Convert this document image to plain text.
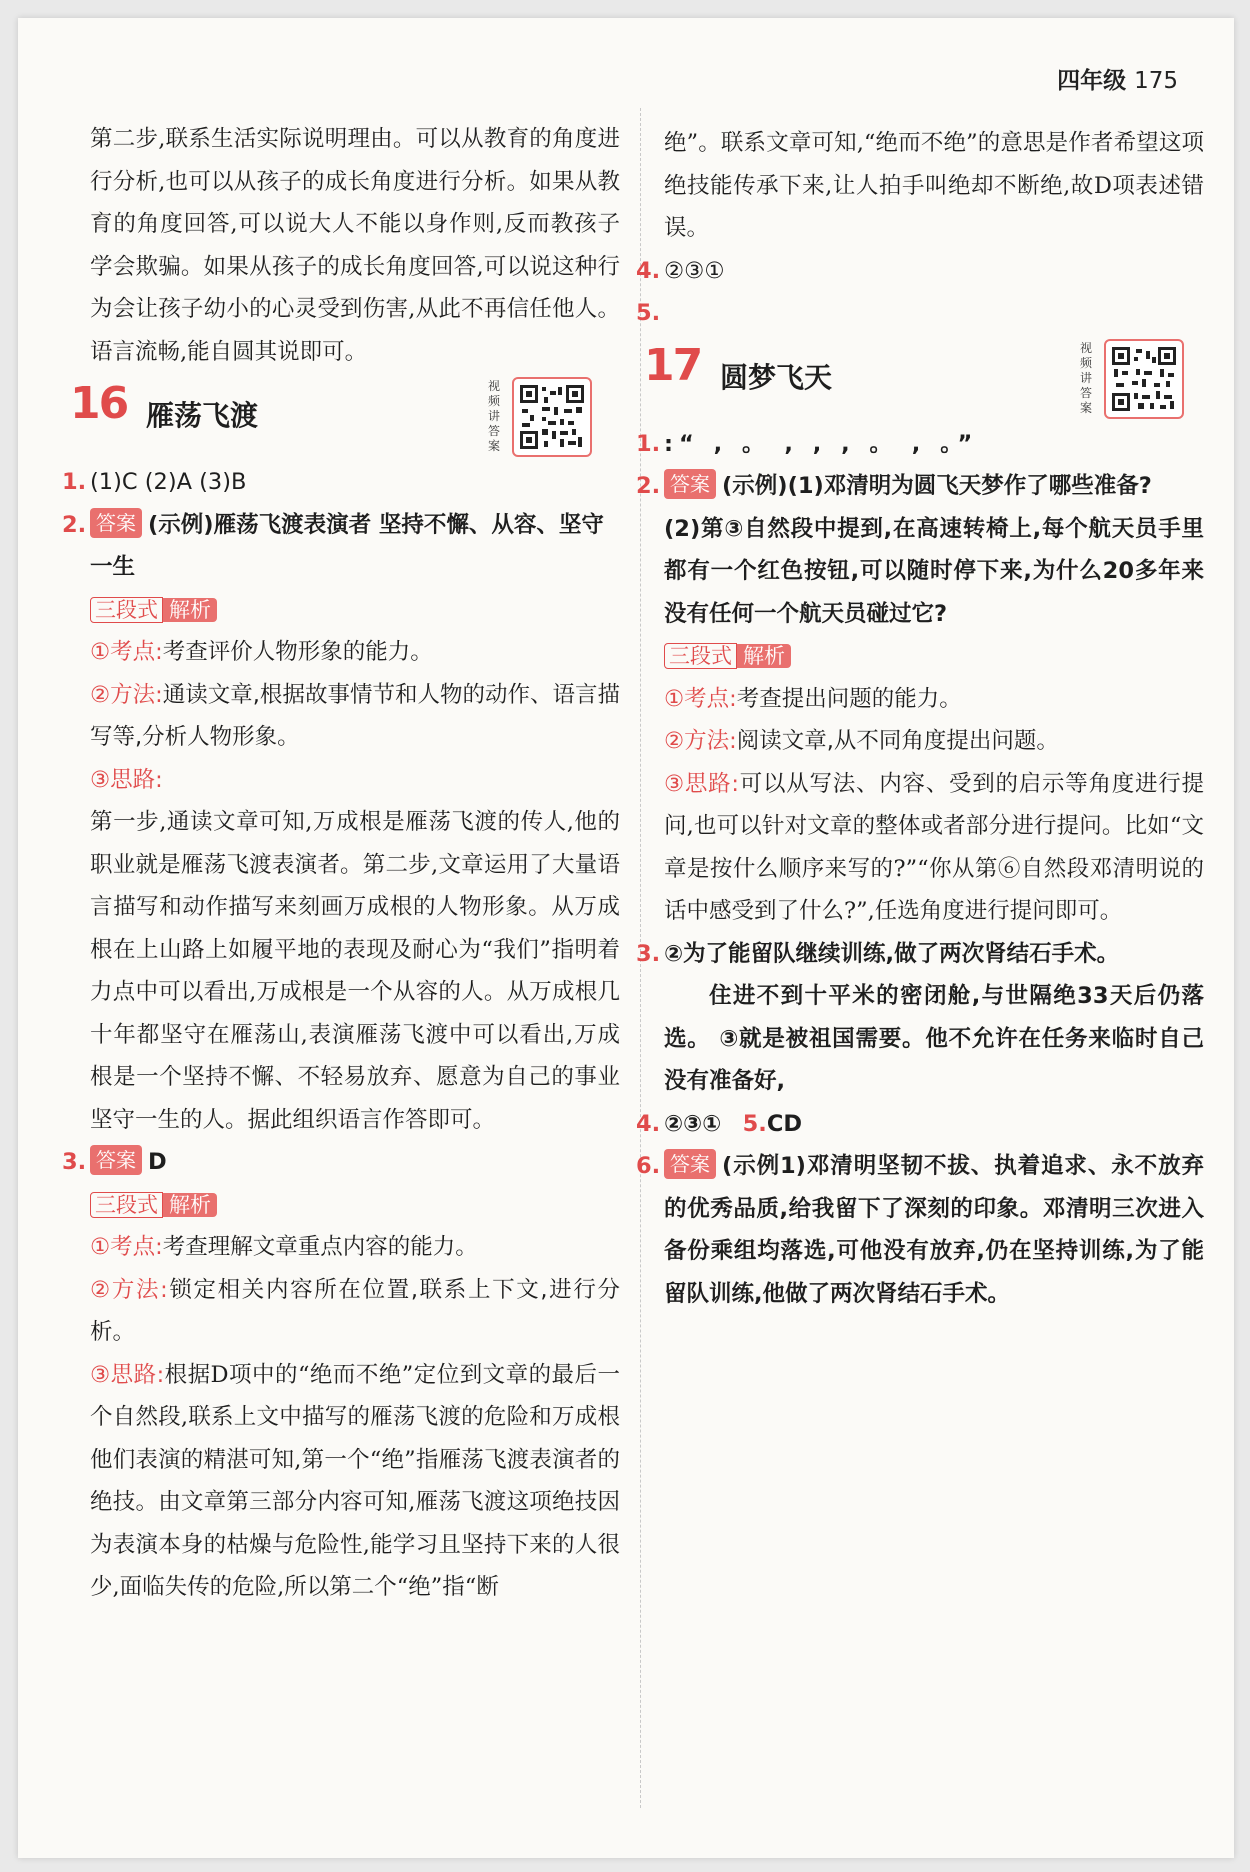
四年级 175

第二步,联系生活实际说明理由。可以从教育的角度进行分析,也可以从孩子的成长角度进行分析。如果从教育的角度回答,可以说大人不能以身作则,反而教孩子学会欺骗。如果从孩子的成长角度回答,可以说这种行为会让孩子幼小的心灵受到伤害,从此不再信任他人。语言流畅,能自圆其说即可。

16 雁荡飞渡
视频讲答案

1. (1)C (2)A (3)B

2. 答案 (示例)雁荡飞渡表演者 坚持不懈、从容、坚守一生

三段式 解析

①考点:考查评价人物形象的能力。

②方法:通读文章,根据故事情节和人物的动作、语言描写等,分析人物形象。

③思路:

第一步,通读文章可知,万成根是雁荡飞渡的传人,他的职业就是雁荡飞渡表演者。第二步,文章运用了大量语言描写和动作描写来刻画万成根的人物形象。从万成根在上山路上如履平地的表现及耐心为“我们”指明着力点中可以看出,万成根是一个从容的人。从万成根几十年都坚守在雁荡山,表演雁荡飞渡中可以看出,万成根是一个坚持不懈、不轻易放弃、愿意为自己的事业坚守一生的人。据此组织语言作答即可。

3. 答案 D

三段式 解析

①考点:考查理解文章重点内容的能力。

②方法:锁定相关内容所在位置,联系上下文,进行分析。

③思路:根据D项中的“绝而不绝”定位到文章的最后一个自然段,联系上文中描写的雁荡飞渡的危险和万成根他们表演的精湛可知,第一个“绝”指雁荡飞渡表演者的绝技。由文章第三部分内容可知,雁荡飞渡这项绝技因为表演本身的枯燥与危险性,能学习且坚持下来的人很少,面临失传的危险,所以第二个“绝”指“断

绝”。联系文章可知,“绝而不绝”的意思是作者希望这项绝技能传承下来,让人拍手叫绝却不断绝,故D项表述错误。

4. ②③①

5.

17 圆梦飞天
视频讲答案

1. :“ , 。 , , , 。 , 。”

2. 答案 (示例)(1)邓清明为圆飞天梦作了哪些准备?

(2)第③自然段中提到,在高速转椅上,每个航天员手里都有一个红色按钮,可以随时停下来,为什么20多年来没有任何一个航天员碰过它?

三段式 解析

①考点:考查提出问题的能力。

②方法:阅读文章,从不同角度提出问题。

③思路:可以从写法、内容、受到的启示等角度进行提问,也可以针对文章的整体或者部分进行提问。比如“文章是按什么顺序来写的?”“你从第⑥自然段邓清明说的话中感受到了什么?”,任选角度进行提问即可。

3. ②为了能留队继续训练,做了两次肾结石手术。

住进不到十平米的密闭舱,与世隔绝33天后仍落选。 ③就是被祖国需要。他不允许在任务来临时自己没有准备好,

4. ②③① 5.CD

6. 答案 (示例1)邓清明坚韧不拔、执着追求、永不放弃的优秀品质,给我留下了深刻的印象。邓清明三次进入备份乘组均落选,可他没有放弃,仍在坚持训练,为了能留队训练,他做了两次肾结石手术。
